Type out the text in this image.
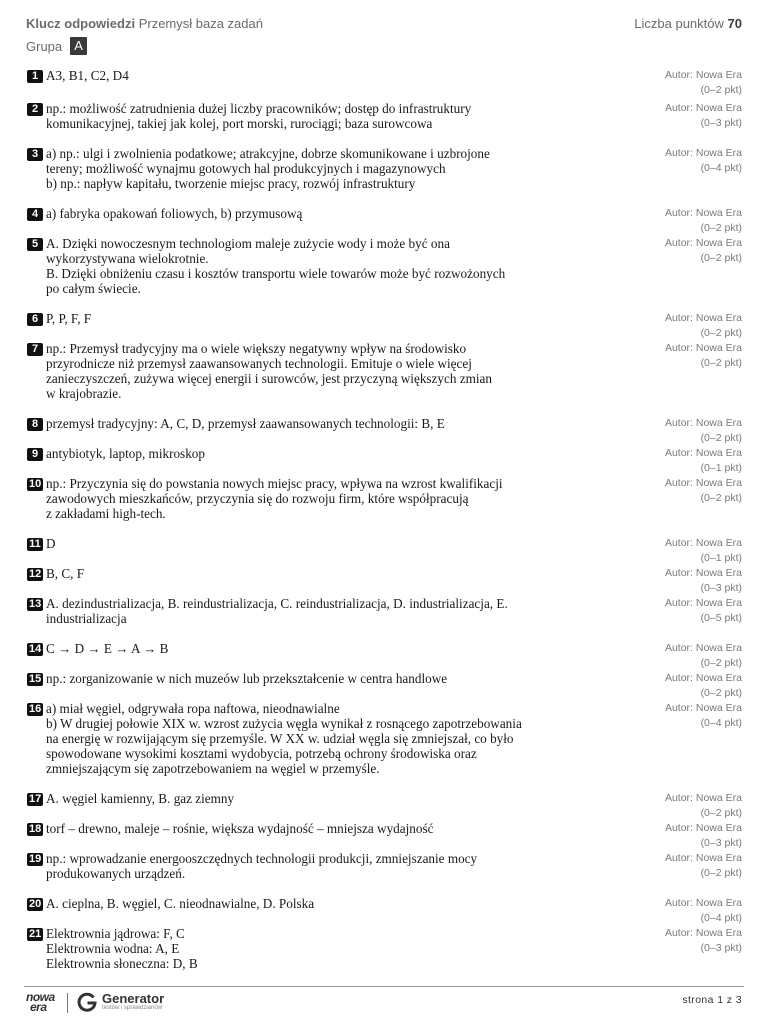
Klucz odpowiedzi Przemysł baza zadań	Liczba punktów 70
Grupa A
1 A3, B1, C2, D4	Autor: Nowa Era
(0–2 pkt)
2 np.: możliwość zatrudnienia dużej liczby pracowników; dostęp do infrastruktury
komunikacyjnej, takiej jak kolej, port morski, rurociągi; baza surowcowa
Autor: Nowa Era
(0–3 pkt)
3 a) np.: ulgi i zwolnienia podatkowe; atrakcyjne, dobrze skomunikowane i uzbrojone
tereny; możliwość wynajmu gotowych hal produkcyjnych i magazynowych
b) np.: napływ kapitału, tworzenie miejsc pracy, rozwój infrastruktury
Autor: Nowa Era
(0–4 pkt)
4 a) fabryka opakowań foliowych, b) przymusową	Autor: Nowa Era
(0–2 pkt)
5 A. Dzięki nowoczesnym technologiom maleje zużycie wody i może być ona
wykorzystywana wielokrotnie.
B. Dzięki obniżeniu czasu i kosztów transportu wiele towarów może być rozwożonych
po całym świecie.
Autor: Nowa Era
(0–2 pkt)
6 P, P, F, F	Autor: Nowa Era
(0–2 pkt)
7 np.: Przemysł tradycyjny ma o wiele większy negatywny wpływ na środowisko
przyrodnicze niż przemysł zaawansowanych technologii. Emituje o wiele więcej
zanieczyszczeń, zużywa więcej energii i surowców, jest przyczyną większych zmian
w krajobrazie.
Autor: Nowa Era
(0–2 pkt)
8 przemysł tradycyjny: A, C, D, przemysł zaawansowanych technologii: B, E	Autor: Nowa Era
(0–2 pkt)
9 antybiotyk, laptop, mikroskop	Autor: Nowa Era
(0–1 pkt)
10 np.: Przyczynia się do powstania nowych miejsc pracy, wpływa na wzrost kwalifikacji
zawodowych mieszkańców, przyczynia się do rozwoju firm, które współpracują
z zakładami high-tech.
Autor: Nowa Era
(0–2 pkt)
11 D	Autor: Nowa Era
(0–1 pkt)
12 B, C, F	Autor: Nowa Era
(0–3 pkt)
13 A. dezindustrializacja, B. reindustrializacja, C. reindustrializacja, D. industrializacja, E.
industrializacja
Autor: Nowa Era
(0–5 pkt)
14 C → D → E → A → B	Autor: Nowa Era
(0–2 pkt)
15 np.: zorganizowanie w nich muzeów lub przekształcenie w centra handlowe	Autor: Nowa Era
(0–2 pkt)
16 a) miał węgiel, odgrywała ropa naftowa, nieodnawialne
b) W drugiej połowie XIX w. wzrost zużycia węgla wynikał z rosnącego zapotrzebowania
na energię w rozwijającym się przemyśle. W XX w. udział węgla się zmniejszał, co było
spowodowane wysokimi kosztami wydobycia, potrzebą ochrony środowiska oraz
zmniejszającym się zapotrzebowaniem na węgiel w przemyśle.
Autor: Nowa Era
(0–4 pkt)
17 A. węgiel kamienny, B. gaz ziemny	Autor: Nowa Era
(0–2 pkt)
18 torf – drewno, maleje – rośnie, większa wydajność – mniejsza wydajność	Autor: Nowa Era
(0–3 pkt)
19 np.: wprowadzanie energooszczędnych technologii produkcji, zmniejszanie mocy
produkowanych urządzeń.
Autor: Nowa Era
(0–2 pkt)
20 A. cieplna, B. węgiel, C. nieodnawialne, D. Polska	Autor: Nowa Era
(0–4 pkt)
21 Elektrownia jądrowa: F, C
Elektrownia wodna: A, E
Elektrownia słoneczna: D, B
Autor: Nowa Era
(0–3 pkt)
nowa
era
Generator
testów i sprawdzianów
strona 1 z 3
